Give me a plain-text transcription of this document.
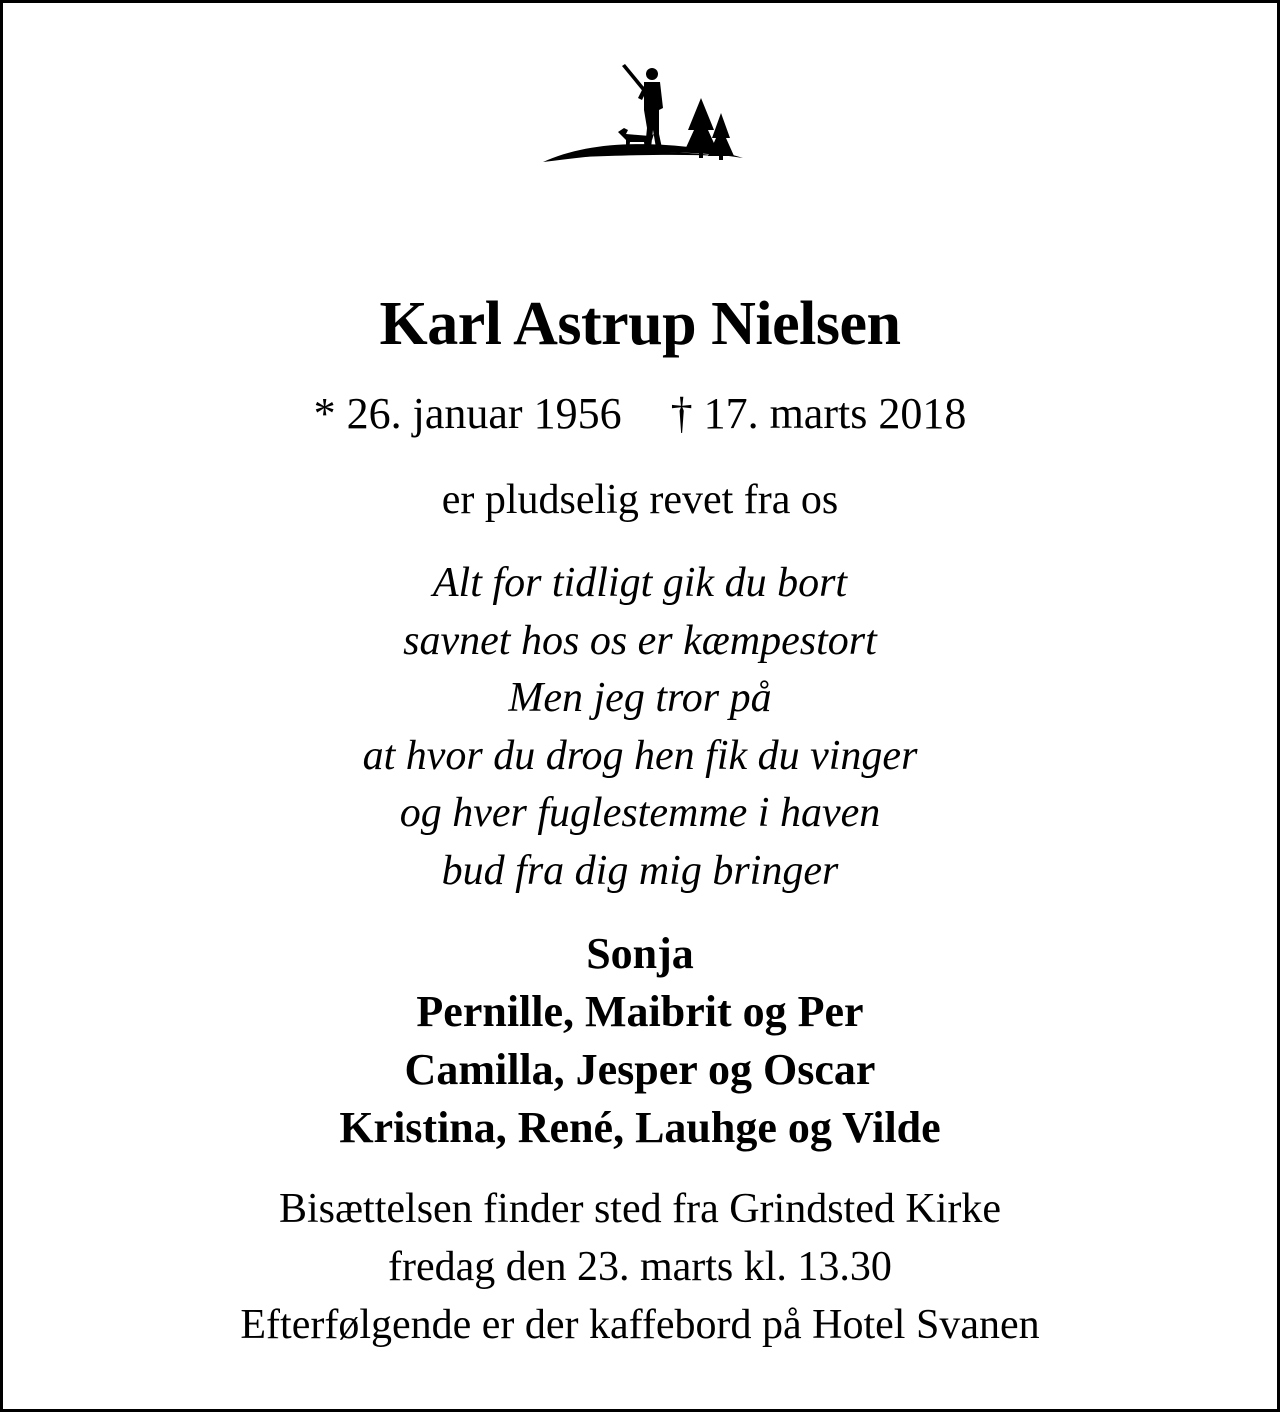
Karl Astrup Nielsen
* 26. januar 1956 † 17. marts 2018
er pludselig revet fra os
Alt for tidligt gik du bort
savnet hos os er kæmpestort
Men jeg tror på
at hvor du drog hen fik du vinger
og hver fuglestemme i haven
bud fra dig mig bringer
Sonja
Pernille, Maibrit og Per
Camilla, Jesper og Oscar
Kristina, René, Lauhge og Vilde
Bisættelsen finder sted fra Grindsted Kirke
fredag den 23. marts kl. 13.30
Efterfølgende er der kaffebord på Hotel Svanen
